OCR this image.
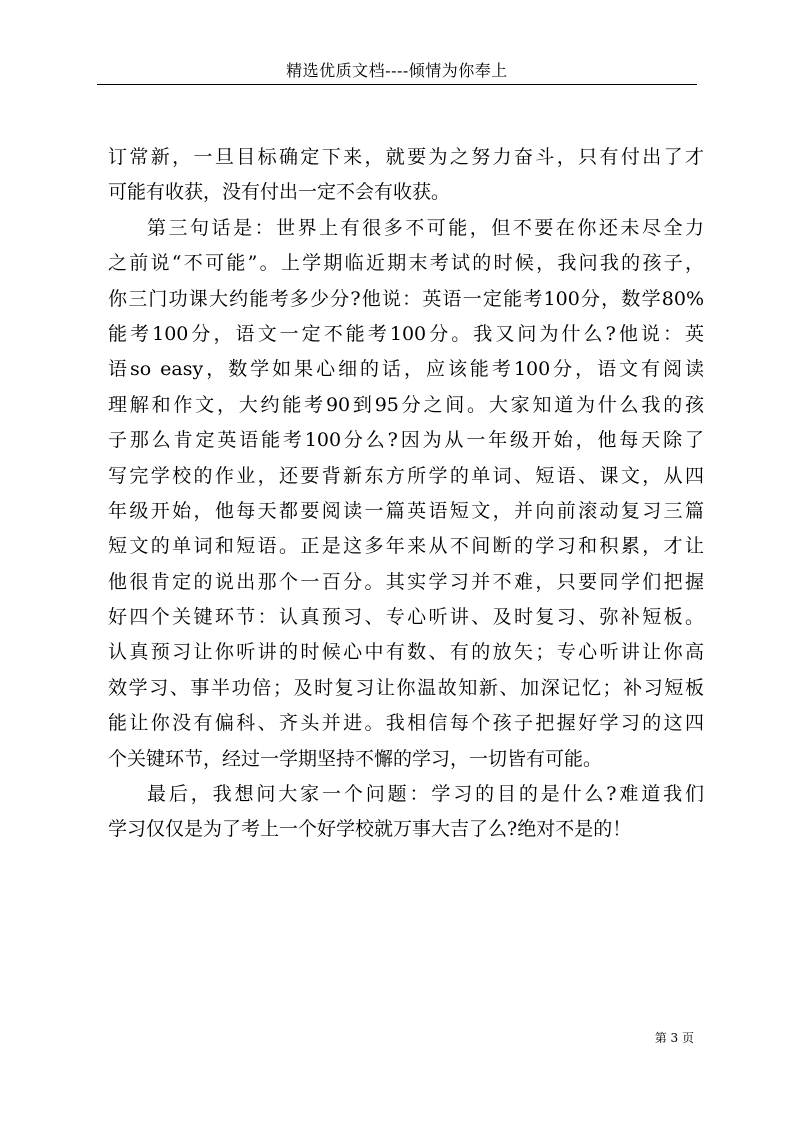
精选优质文档----倾情为你奉上
订常新，一旦目标确定下来，就要为之努力奋斗，只有付出了才
可能有收获，没有付出一定不会有收获。
第三句话是：世界上有很多不可能，但不要在你还未尽全力
之前说“不可能”。上学期临近期末考试的时候，我问我的孩子，
你三门功课大约能考多少分?他说：英语一定能考100分，数学80%
能考100分，语文一定不能考100分。我又问为什么?他说：英
语so easy，数学如果心细的话，应该能考100分，语文有阅读
理解和作文，大约能考90到95分之间。大家知道为什么我的孩
子那么肯定英语能考100分么?因为从一年级开始，他每天除了
写完学校的作业，还要背新东方所学的单词、短语、课文，从四
年级开始，他每天都要阅读一篇英语短文，并向前滚动复习三篇
短文的单词和短语。正是这多年来从不间断的学习和积累，才让
他很肯定的说出那个一百分。其实学习并不难，只要同学们把握
好四个关键环节：认真预习、专心听讲、及时复习、弥补短板。
认真预习让你听讲的时候心中有数、有的放矢；专心听讲让你高
效学习、事半功倍；及时复习让你温故知新、加深记忆；补习短板
能让你没有偏科、齐头并进。我相信每个孩子把握好学习的这四
个关键环节，经过一学期坚持不懈的学习，一切皆有可能。
最后，我想问大家一个问题：学习的目的是什么?难道我们
学习仅仅是为了考上一个好学校就万事大吉了么?绝对不是的！
第 3 页
